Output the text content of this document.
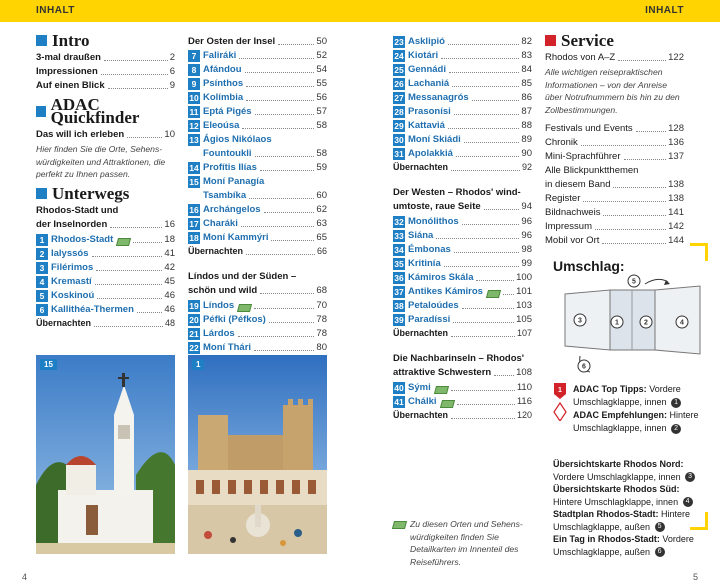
INHALT	INHALT
Intro
3-mal draußen	2
Impressionen	6
Auf einen Blick	9
ADAC Quickfinder
Das will ich erleben	10
Hier finden Sie die Orte, Sehens-würdigkeiten und Attraktionen, die perfekt zu Ihnen passen.
Unterwegs
Rhodos-Stadt und
der Inselnorden	16
1 Rhodos-Stadt	18
2 Ialyssós	41
3 Filérimos	42
4 Kremastí	45
5 Koskinoú	46
6 Kallithéa-Thermen	46
Übernachten	48
15
Der Osten der Insel	50
7 Faliráki	52
8 Afándou	54
9 Psínthos	55
10 Kolímbia	56
11 Eptá Pigés	57
12 Eleoúsa	58
13 Ágios Nikólaos
Fountoukli	58
14 Profítis Ilías	59
15 Moní Panagía
Tsambíka	60
16 Archángelos	62
17 Charáki	63
18 Moní Kammýri	65
Übernachten	66
Líndos und der Süden –
schön und wild	68
19 Líndos	70
20 Péfki (Péfkos)	78
21 Lárdos	78
22 Moní Thári	80
1
23 Asklipió	82
24 Kiotári	83
25 Gennádi	84
26 Lachaniá	85
27 Messanagrós	86
28 Prasonísi	87
29 Kattaviá	88
30 Moní Skiádi	89
31 Apolakkiá	90
Übernachten	92
Der Westen – Rhodos' wind-
umtoste, raue Seite	94
32 Monólithos	96
33 Siána	96
34 Émbonas	98
35 Kritinía	99
36 Kámiros Skála	100
37 Antikes Kámiros	101
38 Petaloúdes	103
39 Paradíssi	105
Übernachten	107
Die Nachbarinseln – Rhodos'
attraktive Schwestern	108
40 Sými	110
41 Chálki	116
Übernachten	120
Zu diesen Orten und Sehens-würdigkeiten finden Sie Detailkarten im Innenteil des Reiseführers.
Service
Rhodos von A–Z	122
Alle wichtigen reisepraktischen Informationen – von der Anreise über Notrufnummern bis hin zu den Zollbestimmungen.
Festivals und Events	128
Chronik	136
Mini-Sprachführer	137
Alle Blickpunktthemen
in diesem Band	138
Register	138
Bildnachweis	141
Impressum	142
Mobil vor Ort	144
Umschlag:
5
3	1	2	4
6
1 ADAC Top Tipps: Vordere
Umschlagklappe, innen 1
ADAC Empfehlungen: Hintere
Umschlagklappe, innen 2
Übersichtskarte Rhodos Nord:
Vordere Umschlagklappe, innen 3
Übersichtskarte Rhodos Süd:
Hintere Umschlagklappe, innen 4
Stadtplan Rhodos-Stadt: Hintere
Umschlagklappe, außen 5
Ein Tag in Rhodos-Stadt: Vordere
Umschlagklappe, außen 6
4	5
